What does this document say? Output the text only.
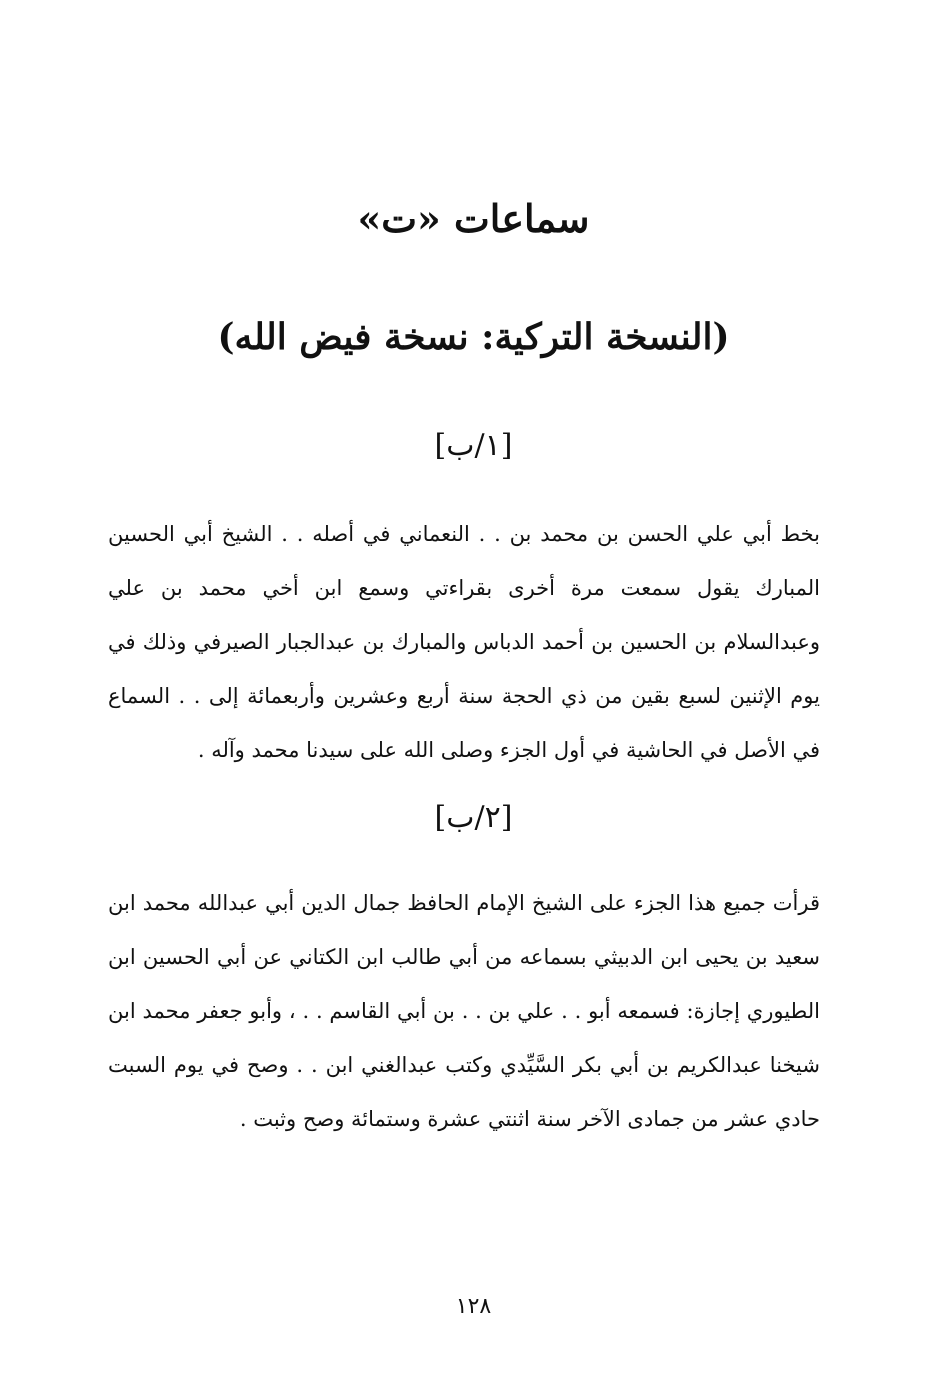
سماعات «ت»
(النسخة التركية: نسخة فيض الله)
[١/ب]

بخط أبي علي الحسن بن محمد بن . . النعماني في أصله . . الشيخ أبي الحسين المبارك يقول سمعت مرة أخرى بقراءتي وسمع ابن أخي محمد بن علي وعبدالسلام بن الحسين بن أحمد الدباس والمبارك بن عبدالجبار الصيرفي وذلك في يوم الإثنين لسبع بقين من ذي الحجة سنة أربع وعشرين وأربعمائة إلى . . السماع في الأصل في الحاشية في أول الجزء وصلى الله على سيدنا محمد وآله .

[٢/ب]

قرأت جميع هذا الجزء على الشيخ الإمام الحافظ جمال الدين أبي عبدالله محمد ابن سعيد بن يحيى ابن الدبيثي بسماعه من أبي طالب ابن الكتاني عن أبي الحسين ابن الطيوري إجازة: فسمعه أبو . . علي بن . . بن أبي القاسم . . ، وأبو جعفر محمد ابن شيخنا عبدالكريم بن أبي بكر السَّيِّدي وكتب عبدالغني ابن . . وصح في يوم السبت حادي عشر من جمادى الآخر سنة اثنتي عشرة وستمائة وصح وثبت .

١٢٨
